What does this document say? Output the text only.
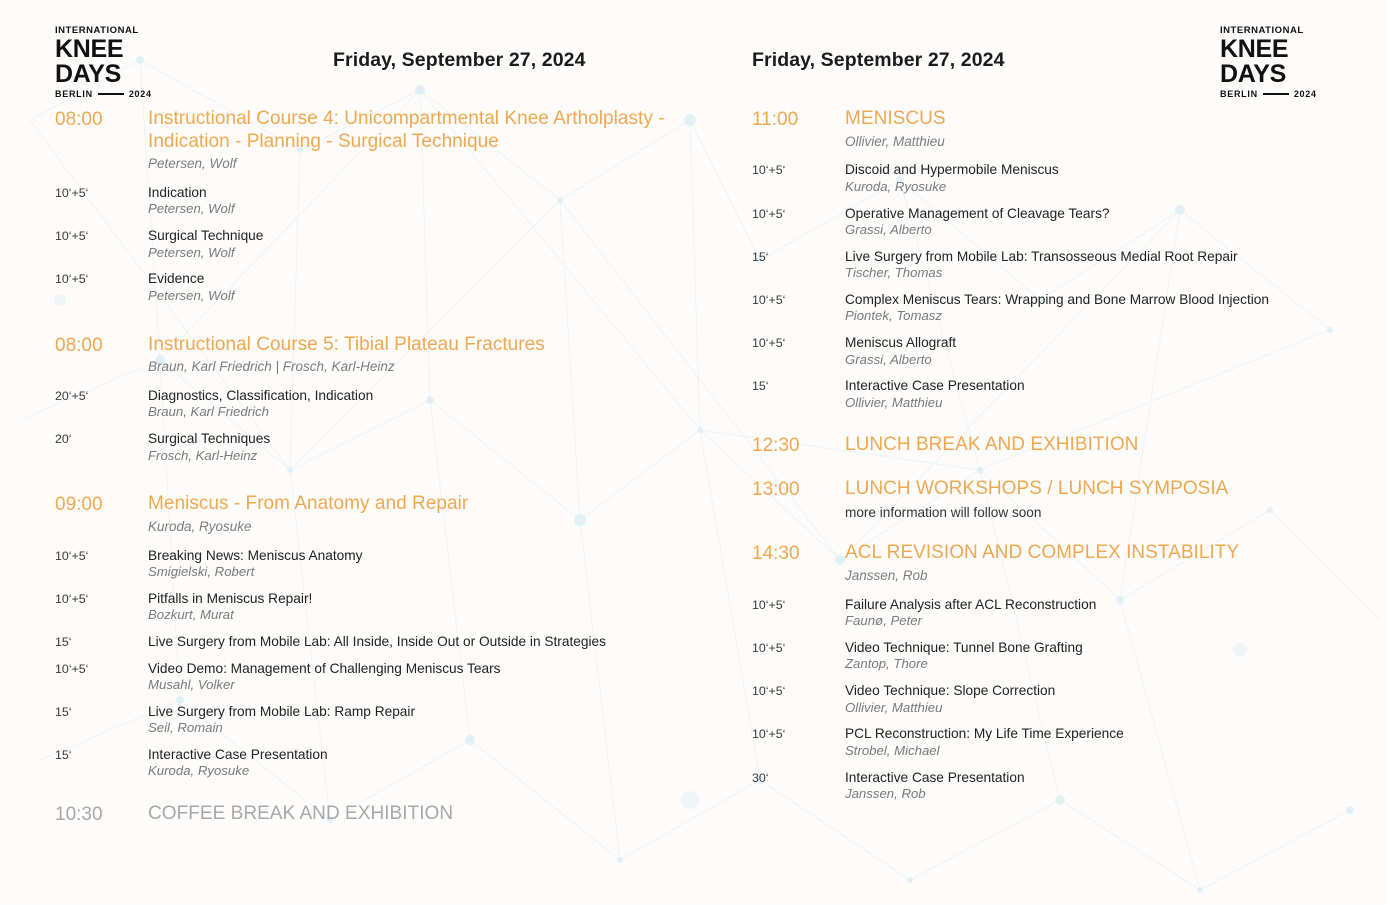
INTERNATIONAL
KNEE DAYS
BERLIN	2024
INTERNATIONAL
KNEE DAYS
BERLIN	2024
Friday, September 27, 2024	Friday, September 27, 2024
08:00	Instructional Course 4: Unicompartmental Knee Artholplasty - Indication - Planning - Surgical Technique
Petersen, Wolf
10‘+5‘	Indication
Petersen, Wolf
10‘+5‘	Surgical Technique
Petersen, Wolf
10‘+5‘	Evidence
Petersen, Wolf
08:00	Instructional Course 5: Tibial Plateau Fractures
Braun, Karl Friedrich | Frosch, Karl-Heinz
20‘+5‘	Diagnostics, Classification, Indication
Braun, Karl Friedrich
20‘	Surgical Techniques
Frosch, Karl-Heinz
09:00	Meniscus - From Anatomy and Repair
Kuroda, Ryosuke
10‘+5‘	Breaking News: Meniscus Anatomy
Smigielski, Robert
10‘+5‘	Pitfalls in Meniscus Repair!
Bozkurt, Murat
15‘	Live Surgery from Mobile Lab: All Inside, Inside Out or Outside in Strategies
10‘+5‘	Video Demo: Management of Challenging Meniscus Tears
Musahl, Volker
15‘	Live Surgery from Mobile Lab: Ramp Repair
Seil, Romain
15‘	Interactive Case Presentation
Kuroda, Ryosuke
10:30	COFFEE BREAK AND EXHIBITION
11:00	MENISCUS
Ollivier, Matthieu
10‘+5‘	Discoid and Hypermobile Meniscus
Kuroda, Ryosuke
10‘+5‘	Operative Management of Cleavage Tears?
Grassi, Alberto
15‘	Live Surgery from Mobile Lab: Transosseous Medial Root Repair
Tischer, Thomas
10‘+5‘	Complex Meniscus Tears: Wrapping and Bone Marrow Blood Injection
Piontek, Tomasz
10‘+5‘	Meniscus Allograft
Grassi, Alberto
15‘	Interactive Case Presentation
Ollivier, Matthieu
12:30	LUNCH BREAK AND EXHIBITION
13:00	LUNCH WORKSHOPS / LUNCH SYMPOSIA
more information will follow soon
14:30	ACL REVISION AND COMPLEX INSTABILITY
Janssen, Rob
10‘+5‘	Failure Analysis after ACL Reconstruction
Faunø, Peter
10‘+5‘	Video Technique: Tunnel Bone Grafting
Zantop, Thore
10‘+5‘	Video Technique: Slope Correction
Ollivier, Matthieu
10‘+5‘	PCL Reconstruction: My Life Time Experience
Strobel, Michael
30‘	Interactive Case Presentation
Janssen, Rob
